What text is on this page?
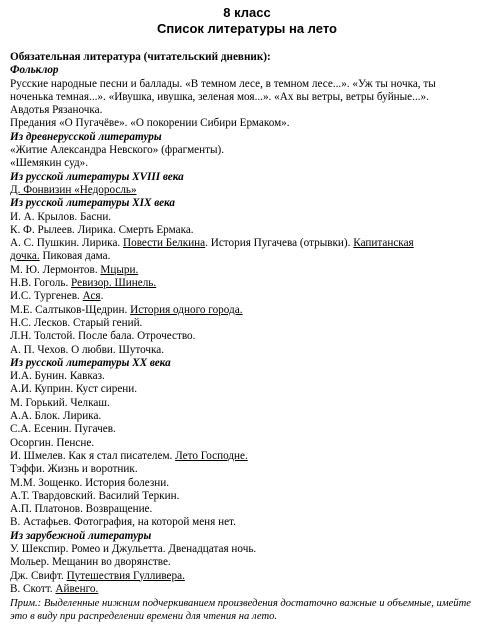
8 класс
Список литературы на лето
Обязательная литература (читательский дневник):
Фольклор
Русские народные песни и баллады. «В темном лесе, в темном лесе...». «Уж ты ночка, ты
ноченька темная...». «Ивушка, ивушка, зеленая моя...». «Ах вы ветры, ветры буйные...».
Авдотья Рязаночка.
Предания «О Пугачёве». «О покорении Сибири Ермаком».
Из древнерусской литературы
«Житие Александра Невского» (фрагменты).
«Шемякин суд».
Из русской литературы XVIII века
Д. Фонвизин «Недоросль»
Из русской литературы XIX века
И. А. Крылов. Басни.
К. Ф. Рылеев. Лирика. Смерть Ермака.
А. С. Пушкин. Лирика. Повести Белкина. История Пугачева (отрывки). Капитанская
дочка. Пиковая дама.
М. Ю. Лермонтов. Мцыри.
Н.В. Гоголь. Ревизор. Шинель.
И.С. Тургенев. Ася.
М.Е. Салтыков-Щедрин. История одного города.
Н.С. Лесков. Старый гений.
Л.Н. Толстой. После бала. Отрочество.
А. П. Чехов. О любви. Шуточка.
Из русской литературы XX века
И.А. Бунин. Кавказ.
А.И. Куприн. Куст сирени.
М. Горький. Челкаш.
А.А. Блок. Лирика.
С.А. Есенин. Пугачев.
Осоргин. Пенсне.
И. Шмелев. Как я стал писателем. Лето Господне.
Тэффи. Жизнь и воротник.
М.М. Зощенко. История болезни.
А.Т. Твардовский. Василий Теркин.
А.П. Платонов. Возвращение.
В. Астафьев. Фотография, на которой меня нет.
Из зарубежной литературы
У. Шекспир. Ромео и Джульетта. Двенадцатая ночь.
Мольер. Мещанин во дворянстве.
Дж. Свифт. Путешествия Гулливера.
В. Скотт. Айвенго.
Прим.: Выделенные нижним подчеркиванием произведения достаточно важные и объемные, имейте это в виду при распределении времени для чтения на лето.
